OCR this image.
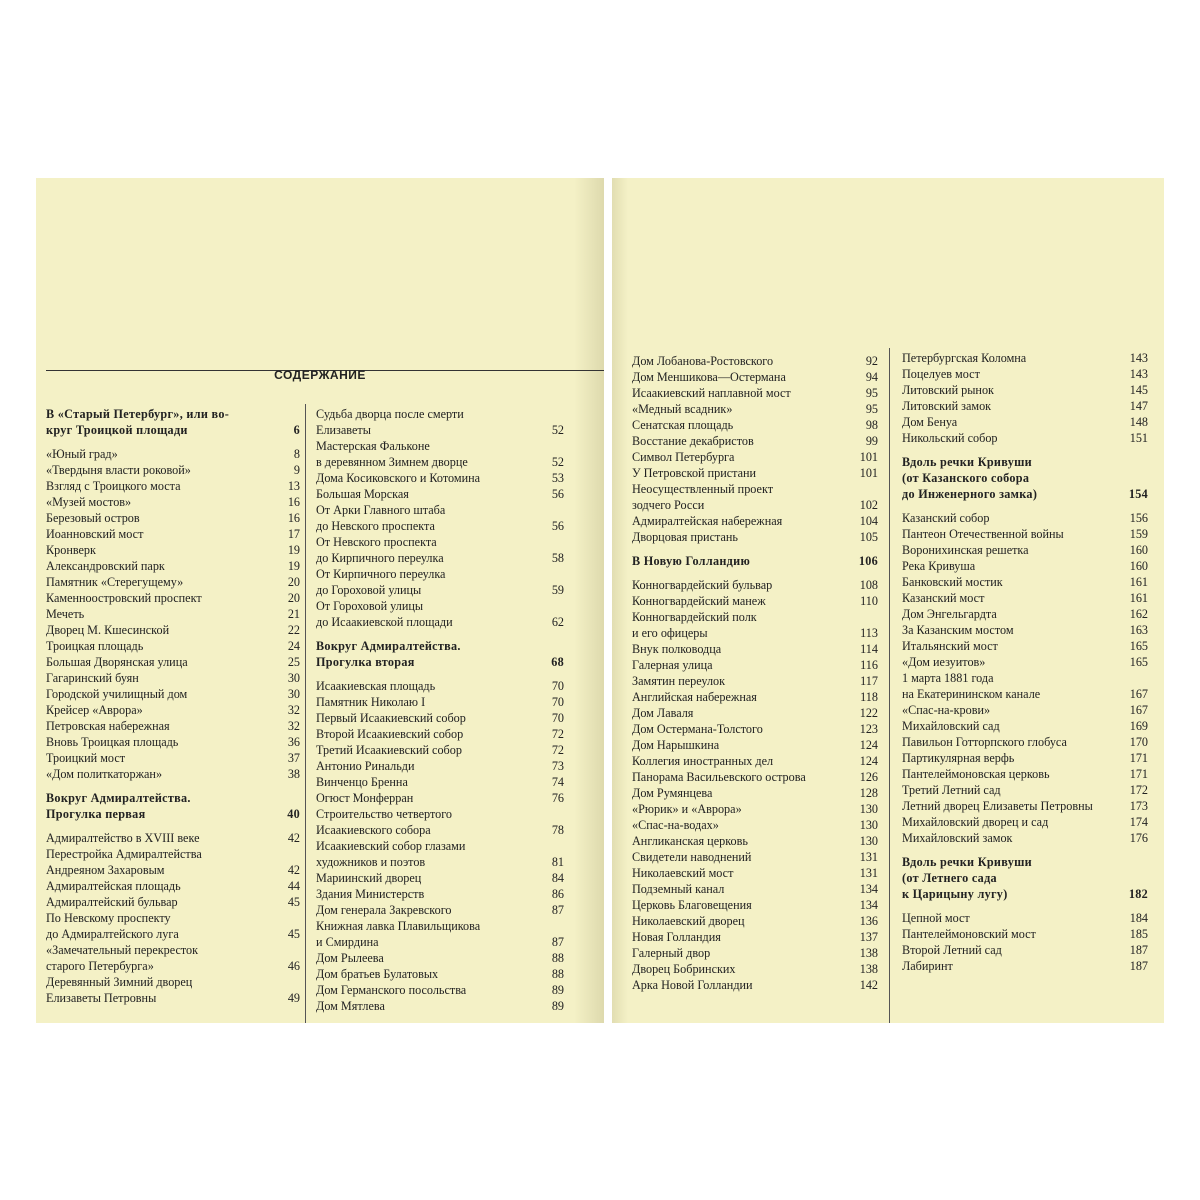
СОДЕРЖАНИЕ
В «Старый Петербург», или во-
круг Троицкой площади	6
«Юный град»	8
«Твердыня власти роковой»	9
Взгляд с Троицкого моста	13
«Музей мостов»	16
Березовый остров	16
Иоанновский мост	17
Кронверк	19
Александровский парк	19
Памятник «Стерегущему»	20
Каменноостровский проспект	20
Мечеть	21
Дворец М. Кшесинской	22
Троицкая площадь	24
Большая Дворянская улица	25
Гагаринский буян	30
Городской училищный дом	30
Крейсер «Аврора»	32
Петровская набережная	32
Вновь Троицкая площадь	36
Троицкий мост	37
«Дом политкаторжан»	38
Вокруг Адмиралтейства.
Прогулка первая	40
Адмиралтейство в XVIII веке	42
Перестройка Адмиралтейства
Андреяном Захаровым	42
Адмиралтейская площадь	44
Адмиралтейский бульвар	45
По Невскому проспекту
до Адмиралтейского луга	45
«Замечательный перекресток
старого Петербурга»	46
Деревянный Зимний дворец
Елизаветы Петровны	49
Судьба дворца после смерти
Елизаветы	52
Мастерская Фальконе
в деревянном Зимнем дворце	52
Дома Косиковского и Котомина	53
Большая Морская	56
От Арки Главного штаба
до Невского проспекта	56
От Невского проспекта
до Кирпичного переулка	58
От Кирпичного переулка
до Гороховой улицы	59
От Гороховой улицы
до Исаакиевской площади	62
Вокруг Адмиралтейства.
Прогулка вторая	68
Исаакиевская площадь	70
Памятник Николаю I	70
Первый Исаакиевский собор	70
Второй Исаакиевский собор	72
Третий Исаакиевский собор	72
Антонио Ринальди	73
Винченцо Бренна	74
Огюст Монферран	76
Строительство четвертого
Исаакиевского собора	78
Исаакиевский собор глазами
художников и поэтов	81
Мариинский дворец	84
Здания Министерств	86
Дом генерала Закревского	87
Книжная лавка Плавильщикова
и Смирдина	87
Дом Рылеева	88
Дом братьев Булатовых	88
Дом Германского посольства	89
Дом Мятлева	89
Дом Лобанова-Ростовского	92
Дом Меншикова—Остермана	94
Исаакиевский наплавной мост	95
«Медный всадник»	95
Сенатская площадь	98
Восстание декабристов	99
Символ Петербурга	101
У Петровской пристани	101
Неосуществленный проект
зодчего Росси	102
Адмиралтейская набережная	104
Дворцовая пристань	105
В Новую Голландию	106
Конногвардейский бульвар	108
Конногвардейский манеж	110
Конногвардейский полк
и его офицеры	113
Внук полководца	114
Галерная улица	116
Замятин переулок	117
Английская набережная	118
Дом Лаваля	122
Дом Остермана-Толстого	123
Дом Нарышкина	124
Коллегия иностранных дел	124
Панорама Васильевского острова	126
Дом Румянцева	128
«Рюрик» и «Аврора»	130
«Спас-на-водах»	130
Англиканская церковь	130
Свидетели наводнений	131
Николаевский мост	131
Подземный канал	134
Церковь Благовещения	134
Николаевский дворец	136
Новая Голландия	137
Галерный двор	138
Дворец Бобринских	138
Арка Новой Голландии	142
Петербургская Коломна	143
Поцелуев мост	143
Литовский рынок	145
Литовский замок	147
Дом Бенуа	148
Никольский собор	151
Вдоль речки Кривуши
(от Казанского собора
до Инженерного замка)	154
Казанский собор	156
Пантеон Отечественной войны	159
Воронихинская решетка	160
Река Кривуша	160
Банковский мостик	161
Казанский мост	161
Дом Энгельгардта	162
За Казанским мостом	163
Итальянский мост	165
«Дом иезуитов»	165
1 марта 1881 года
на Екатерининском канале	167
«Спас-на-крови»	167
Михайловский сад	169
Павильон Готторпского глобуса	170
Партикулярная верфь	171
Пантелеймоновская церковь	171
Третий Летний сад	172
Летний дворец Елизаветы Петровны	173
Михайловский дворец и сад	174
Михайловский замок	176
Вдоль речки Кривуши
(от Летнего сада
к Царицыну лугу)	182
Цепной мост	184
Пантелеймоновский мост	185
Второй Летний сад	187
Лабиринт	187
